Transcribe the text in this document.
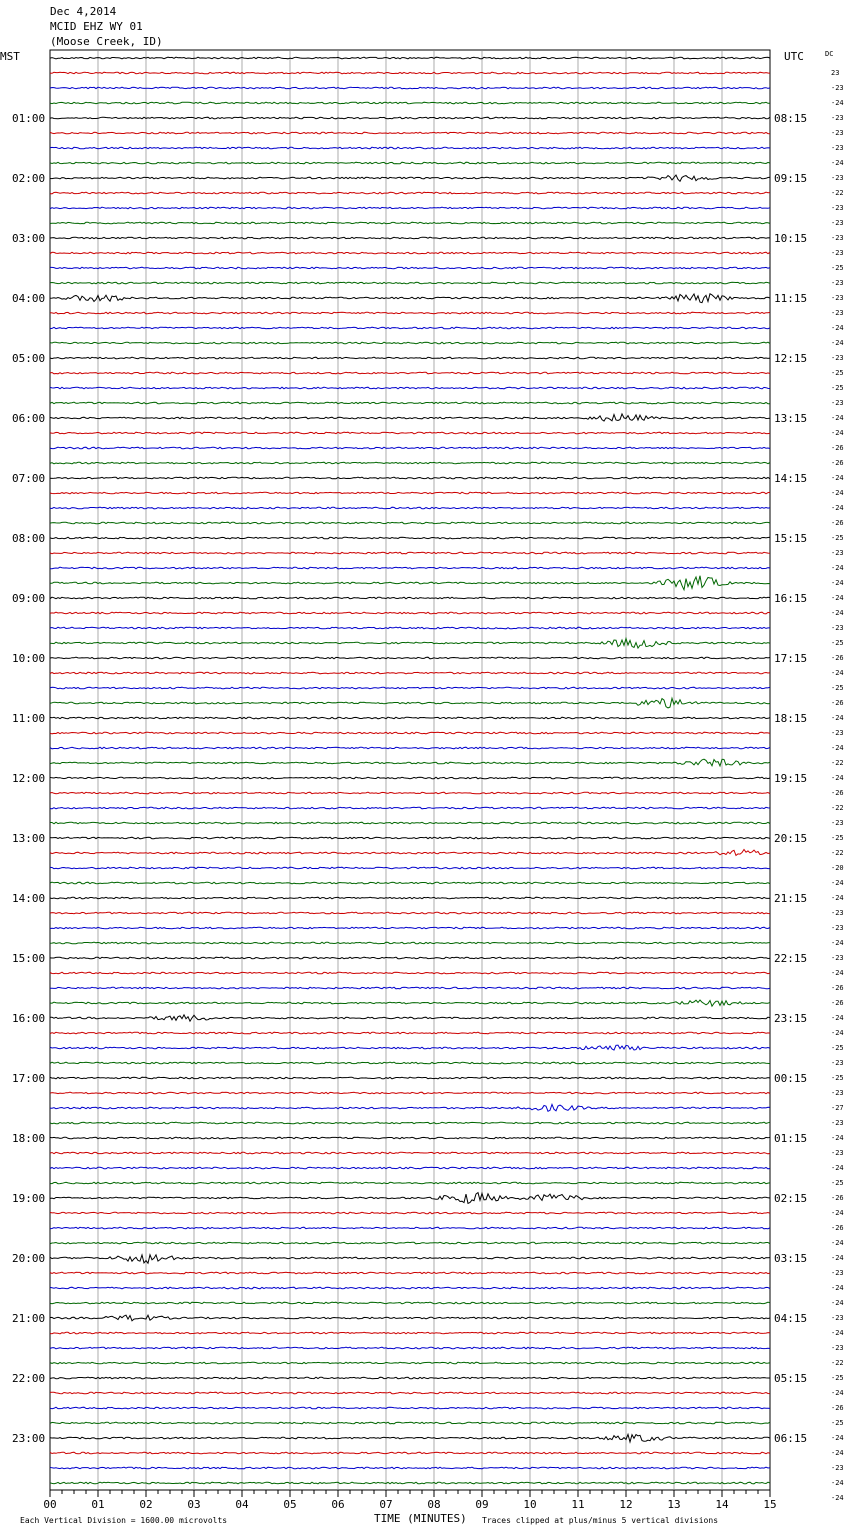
Dec 4,2014
MCID EHZ WY 01
(Moose Creek, ID)
MST	UTC	DC
23
-23
-24
-23
-23
-23
-24
-23
-22
-23
-23
-23
-23
-25
-23
-23
-23
-24
-24
-23
-25
-25
-23
-24
-24
-26
-26
-24
-24
-24
-26
-25
-23
-24
-24
-24
-24
-23
-25
-26
-24
-25
-26
-24
-23
-24
-22
-24
-26
-22
-23
-25
-22
-20
-24
-24
-23
-23
-24
-23
-24
-26
-26
-24
-24
-25
-23
-25
-23
-27
-23
-24
-23
-24
-25
-26
-24
-26
-24
-24
-23
-24
-24
-23
-24
-23
-22
-25
-24
-26
-25
-24
-24
-23
-24
-24
01:00
02:00
03:00
04:00
05:00
06:00
07:00
08:00
09:00
10:00
11:00
12:00
13:00
14:00
15:00
16:00
17:00
18:00
19:00
20:00
21:00
22:00
23:00
08:15
09:15
10:15
11:15
12:15
13:15
14:15
15:15
16:15
17:15
18:15
19:15
20:15
21:15
22:15
23:15
00:15
01:15
02:15
03:15
04:15
05:15
06:15
00	01	02	03	04	05	06	07	08	09	10	11	12	13	14	15
Each Vertical Division = 1600.00 microvolts	TIME (MINUTES) Traces clipped at plus/minus 5 vertical divisions
